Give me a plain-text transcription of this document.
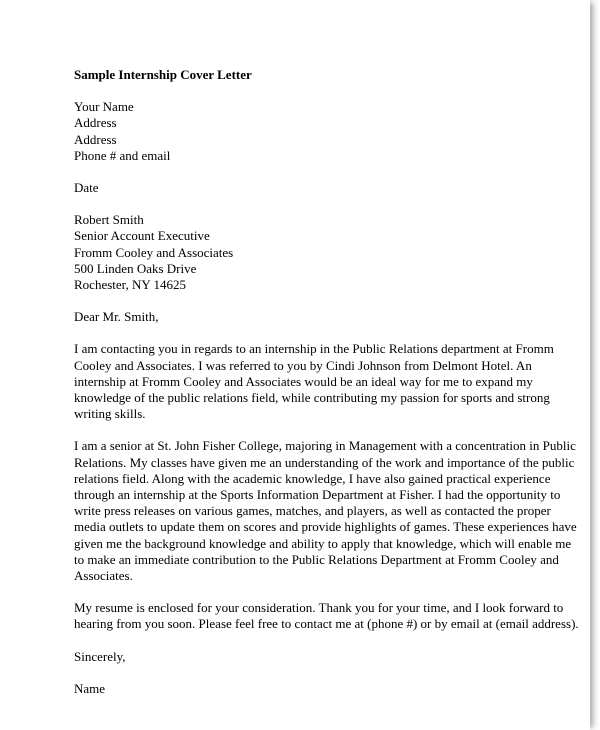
Sample Internship Cover Letter
Your Name
Address
Address
Phone # and email
Date
Robert Smith
Senior Account Executive
Fromm Cooley and Associates
500 Linden Oaks Drive
Rochester, NY 14625
Dear Mr. Smith,

I am contacting you in regards to an internship in the Public Relations department at Fromm
Cooley and Associates. I was referred to you by Cindi Johnson from Delmont Hotel. An
internship at Fromm Cooley and Associates would be an ideal way for me to expand my
knowledge of the public relations field, while contributing my passion for sports and strong
writing skills.

I am a senior at St. John Fisher College, majoring in Management with a concentration in Public
Relations. My classes have given me an understanding of the work and importance of the public
relations field. Along with the academic knowledge, I have also gained practical experience
through an internship at the Sports Information Department at Fisher. I had the opportunity to
write press releases on various games, matches, and players, as well as contacted the proper
media outlets to update them on scores and provide highlights of games. These experiences have
given me the background knowledge and ability to apply that knowledge, which will enable me
to make an immediate contribution to the Public Relations Department at Fromm Cooley and
Associates.

My resume is enclosed for your consideration. Thank you for your time, and I look forward to
hearing from you soon. Please feel free to contact me at (phone #) or by email at (email address).

Sincerely,
Name
